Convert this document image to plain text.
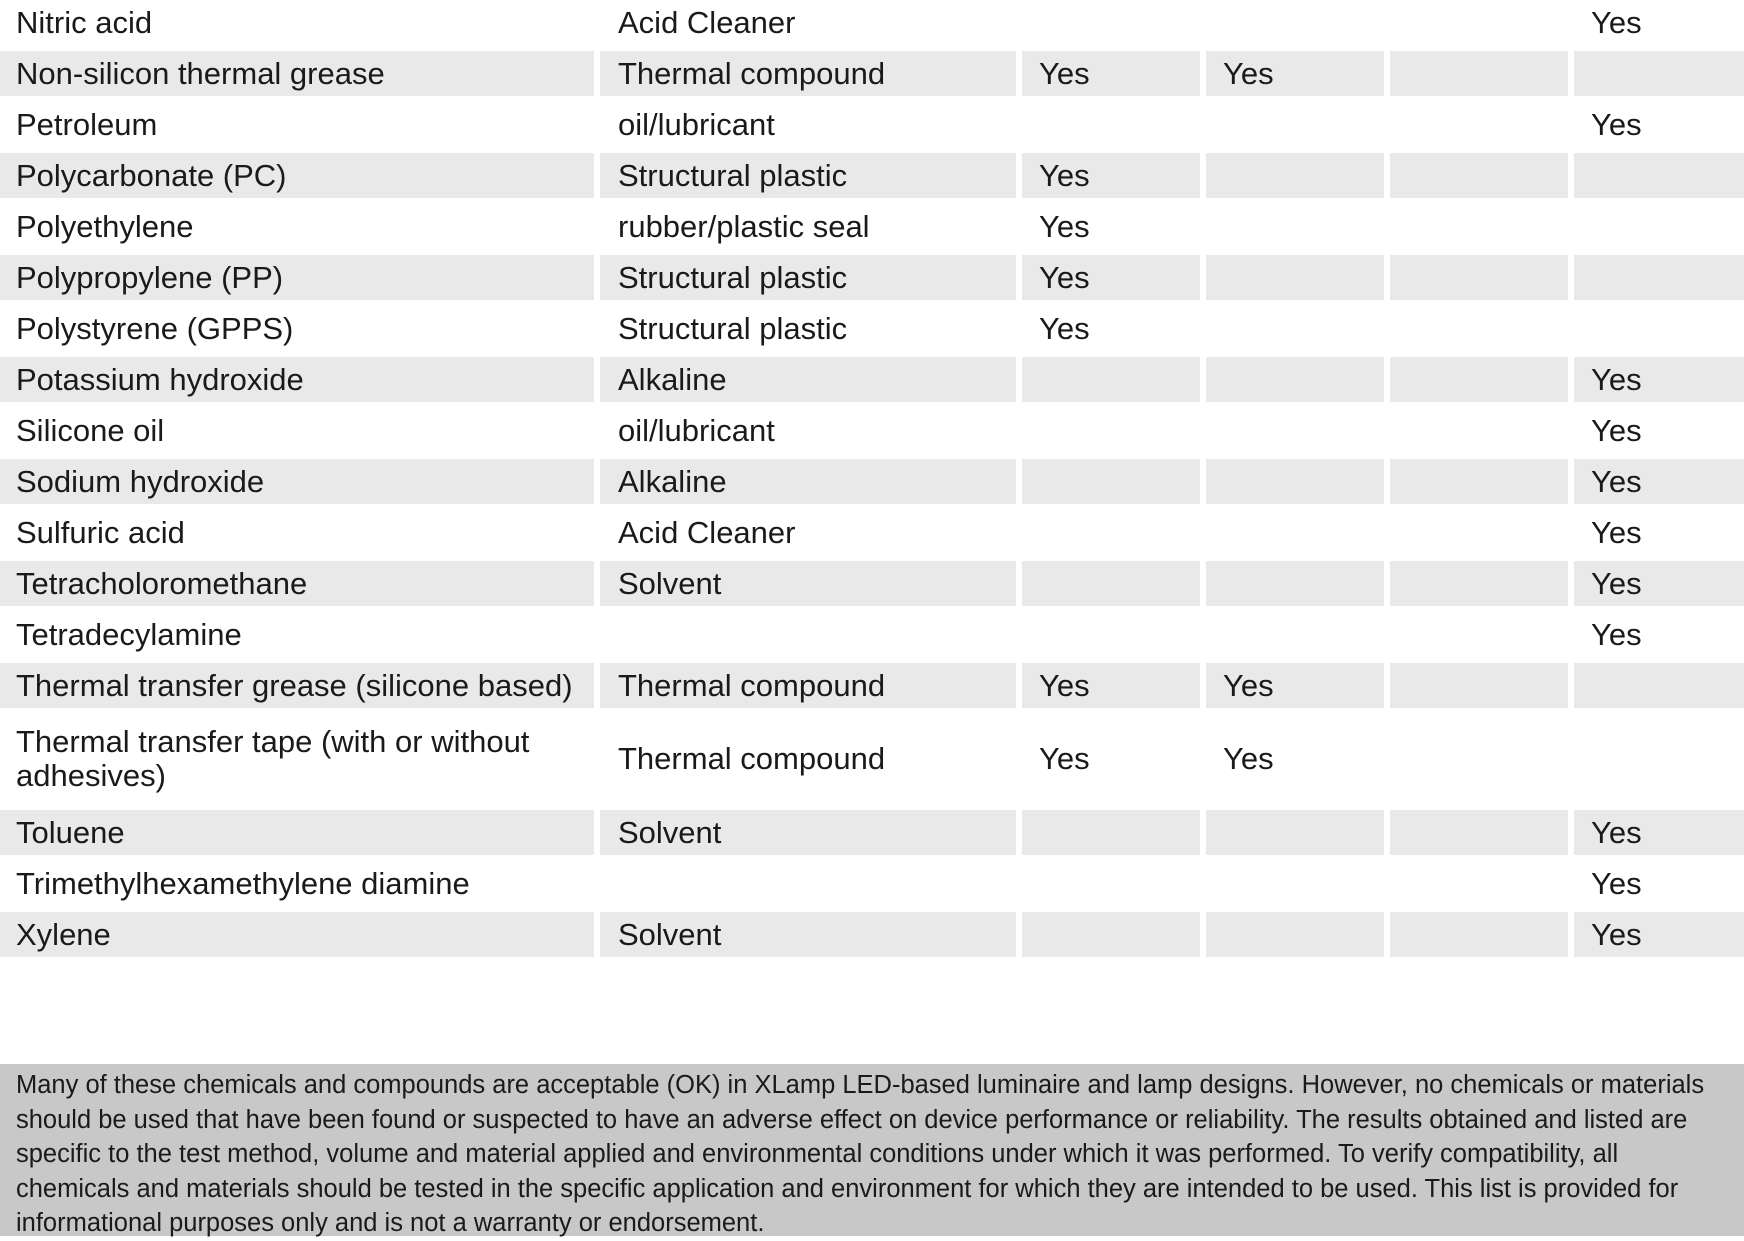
Nitric acid	Acid Cleaner				Yes
Non-silicon thermal grease	Thermal compound	Yes	Yes		
Petroleum	oil/lubricant				Yes
Polycarbonate (PC)	Structural plastic	Yes			
Polyethylene	rubber/plastic seal	Yes			
Polypropylene (PP)	Structural plastic	Yes			
Polystyrene (GPPS)	Structural plastic	Yes			
Potassium hydroxide	Alkaline				Yes
Silicone oil	oil/lubricant				Yes
Sodium hydroxide	Alkaline				Yes
Sulfuric acid	Acid Cleaner				Yes
Tetracholoromethane	Solvent				Yes
Tetradecylamine					Yes
Thermal transfer grease (silicone based)	Thermal compound	Yes	Yes		
Thermal transfer tape (with or without adhesives)	Thermal compound	Yes	Yes		
Toluene	Solvent				Yes
Trimethylhexamethylene diamine					Yes
Xylene	Solvent				Yes
Many of these chemicals and compounds are acceptable (OK) in XLamp LED-based luminaire and lamp designs. However, no chemicals or materials should be used that have been found or suspected to have an adverse effect on device performance or reliability. The results obtained and listed are specific to the test method, volume and material applied and environmental conditions under which it was performed. To verify compatibility, all chemicals and materials should be tested in the specific application and environment for which they are intended to be used. This list is provided for informational purposes only and is not a warranty or endorsement.
